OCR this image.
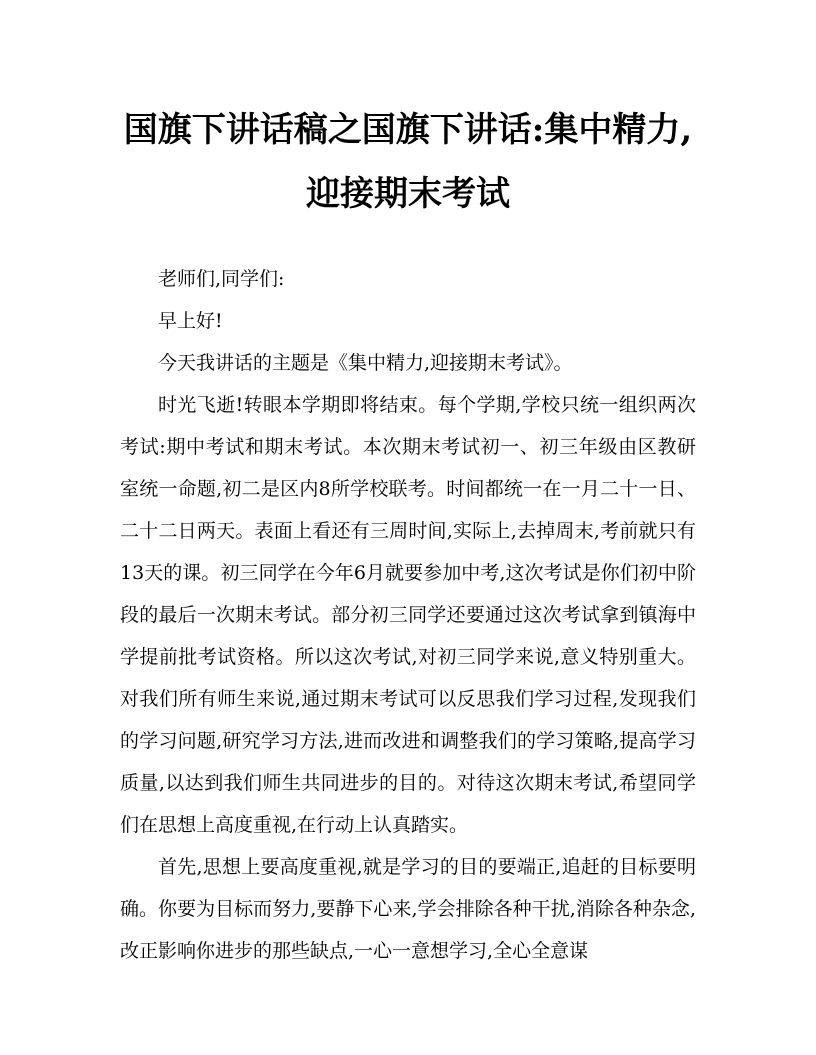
国旗下讲话稿之国旗下讲话:集中精力,
迎接期末考试

老师们,同学们:

早上好!

今天我讲话的主题是《集中精力,迎接期末考试》。

时光飞逝!转眼本学期即将结束。每个学期,学校只统一组织两次考试:期中考试和期末考试。本次期末考试初一、初三年级由区教研室统一命题,初二是区内8所学校联考。时间都统一在一月二十一日、二十二日两天。表面上看还有三周时间,实际上,去掉周末,考前就只有13天的课。初三同学在今年6月就要参加中考,这次考试是你们初中阶段的最后一次期末考试。部分初三同学还要通过这次考试拿到镇海中学提前批考试资格。所以这次考试,对初三同学来说,意义特别重大。对我们所有师生来说,通过期末考试可以反思我们学习过程,发现我们的学习问题,研究学习方法,进而改进和调整我们的学习策略,提高学习质量,以达到我们师生共同进步的目的。对待这次期末考试,希望同学们在思想上高度重视,在行动上认真踏实。

首先,思想上要高度重视,就是学习的目的要端正,追赶的目标要明确。你要为目标而努力,要静下心来,学会排除各种干扰,消除各种杂念,改正影响你进步的那些缺点,一心一意想学习,全心全意谋
